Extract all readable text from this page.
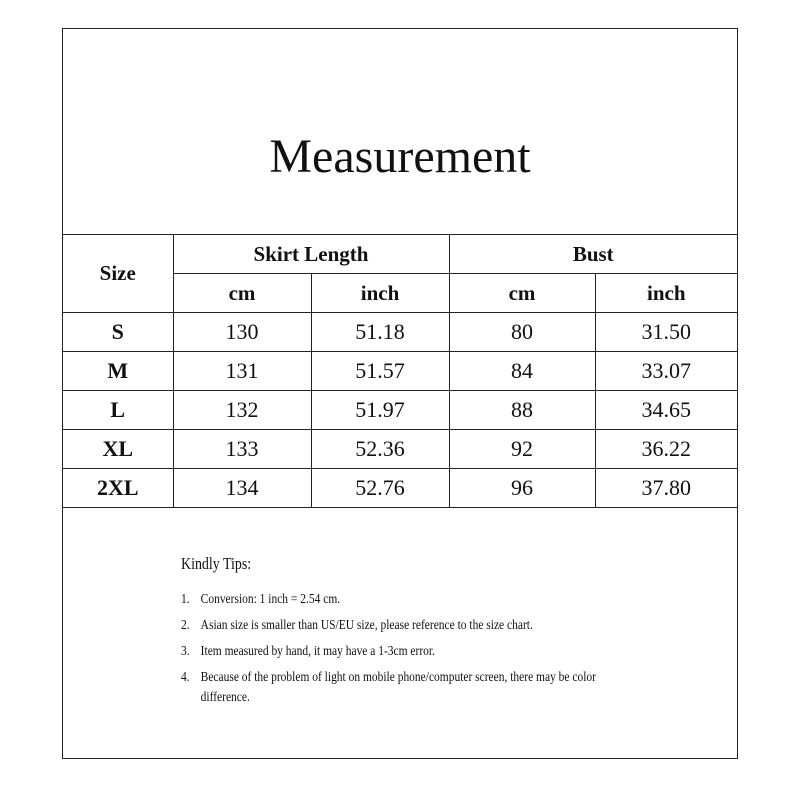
Measurement
Size	Skirt Length		Bust	
	cm	inch	cm	inch
S	130	51.18	80	31.50
M	131	51.57	84	33.07
L	132	51.97	88	34.65
XL	133	52.36	92	36.22
2XL	134	52.76	96	37.80
Kindly Tips:
1. Conversion: 1 inch = 2.54 cm.
2. Asian size is smaller than US/EU size, please reference to the size chart.
3. Item measured by hand, it may have a 1-3cm error.
4. Because of the problem of light on mobile phone/computer screen, there may be color difference.
